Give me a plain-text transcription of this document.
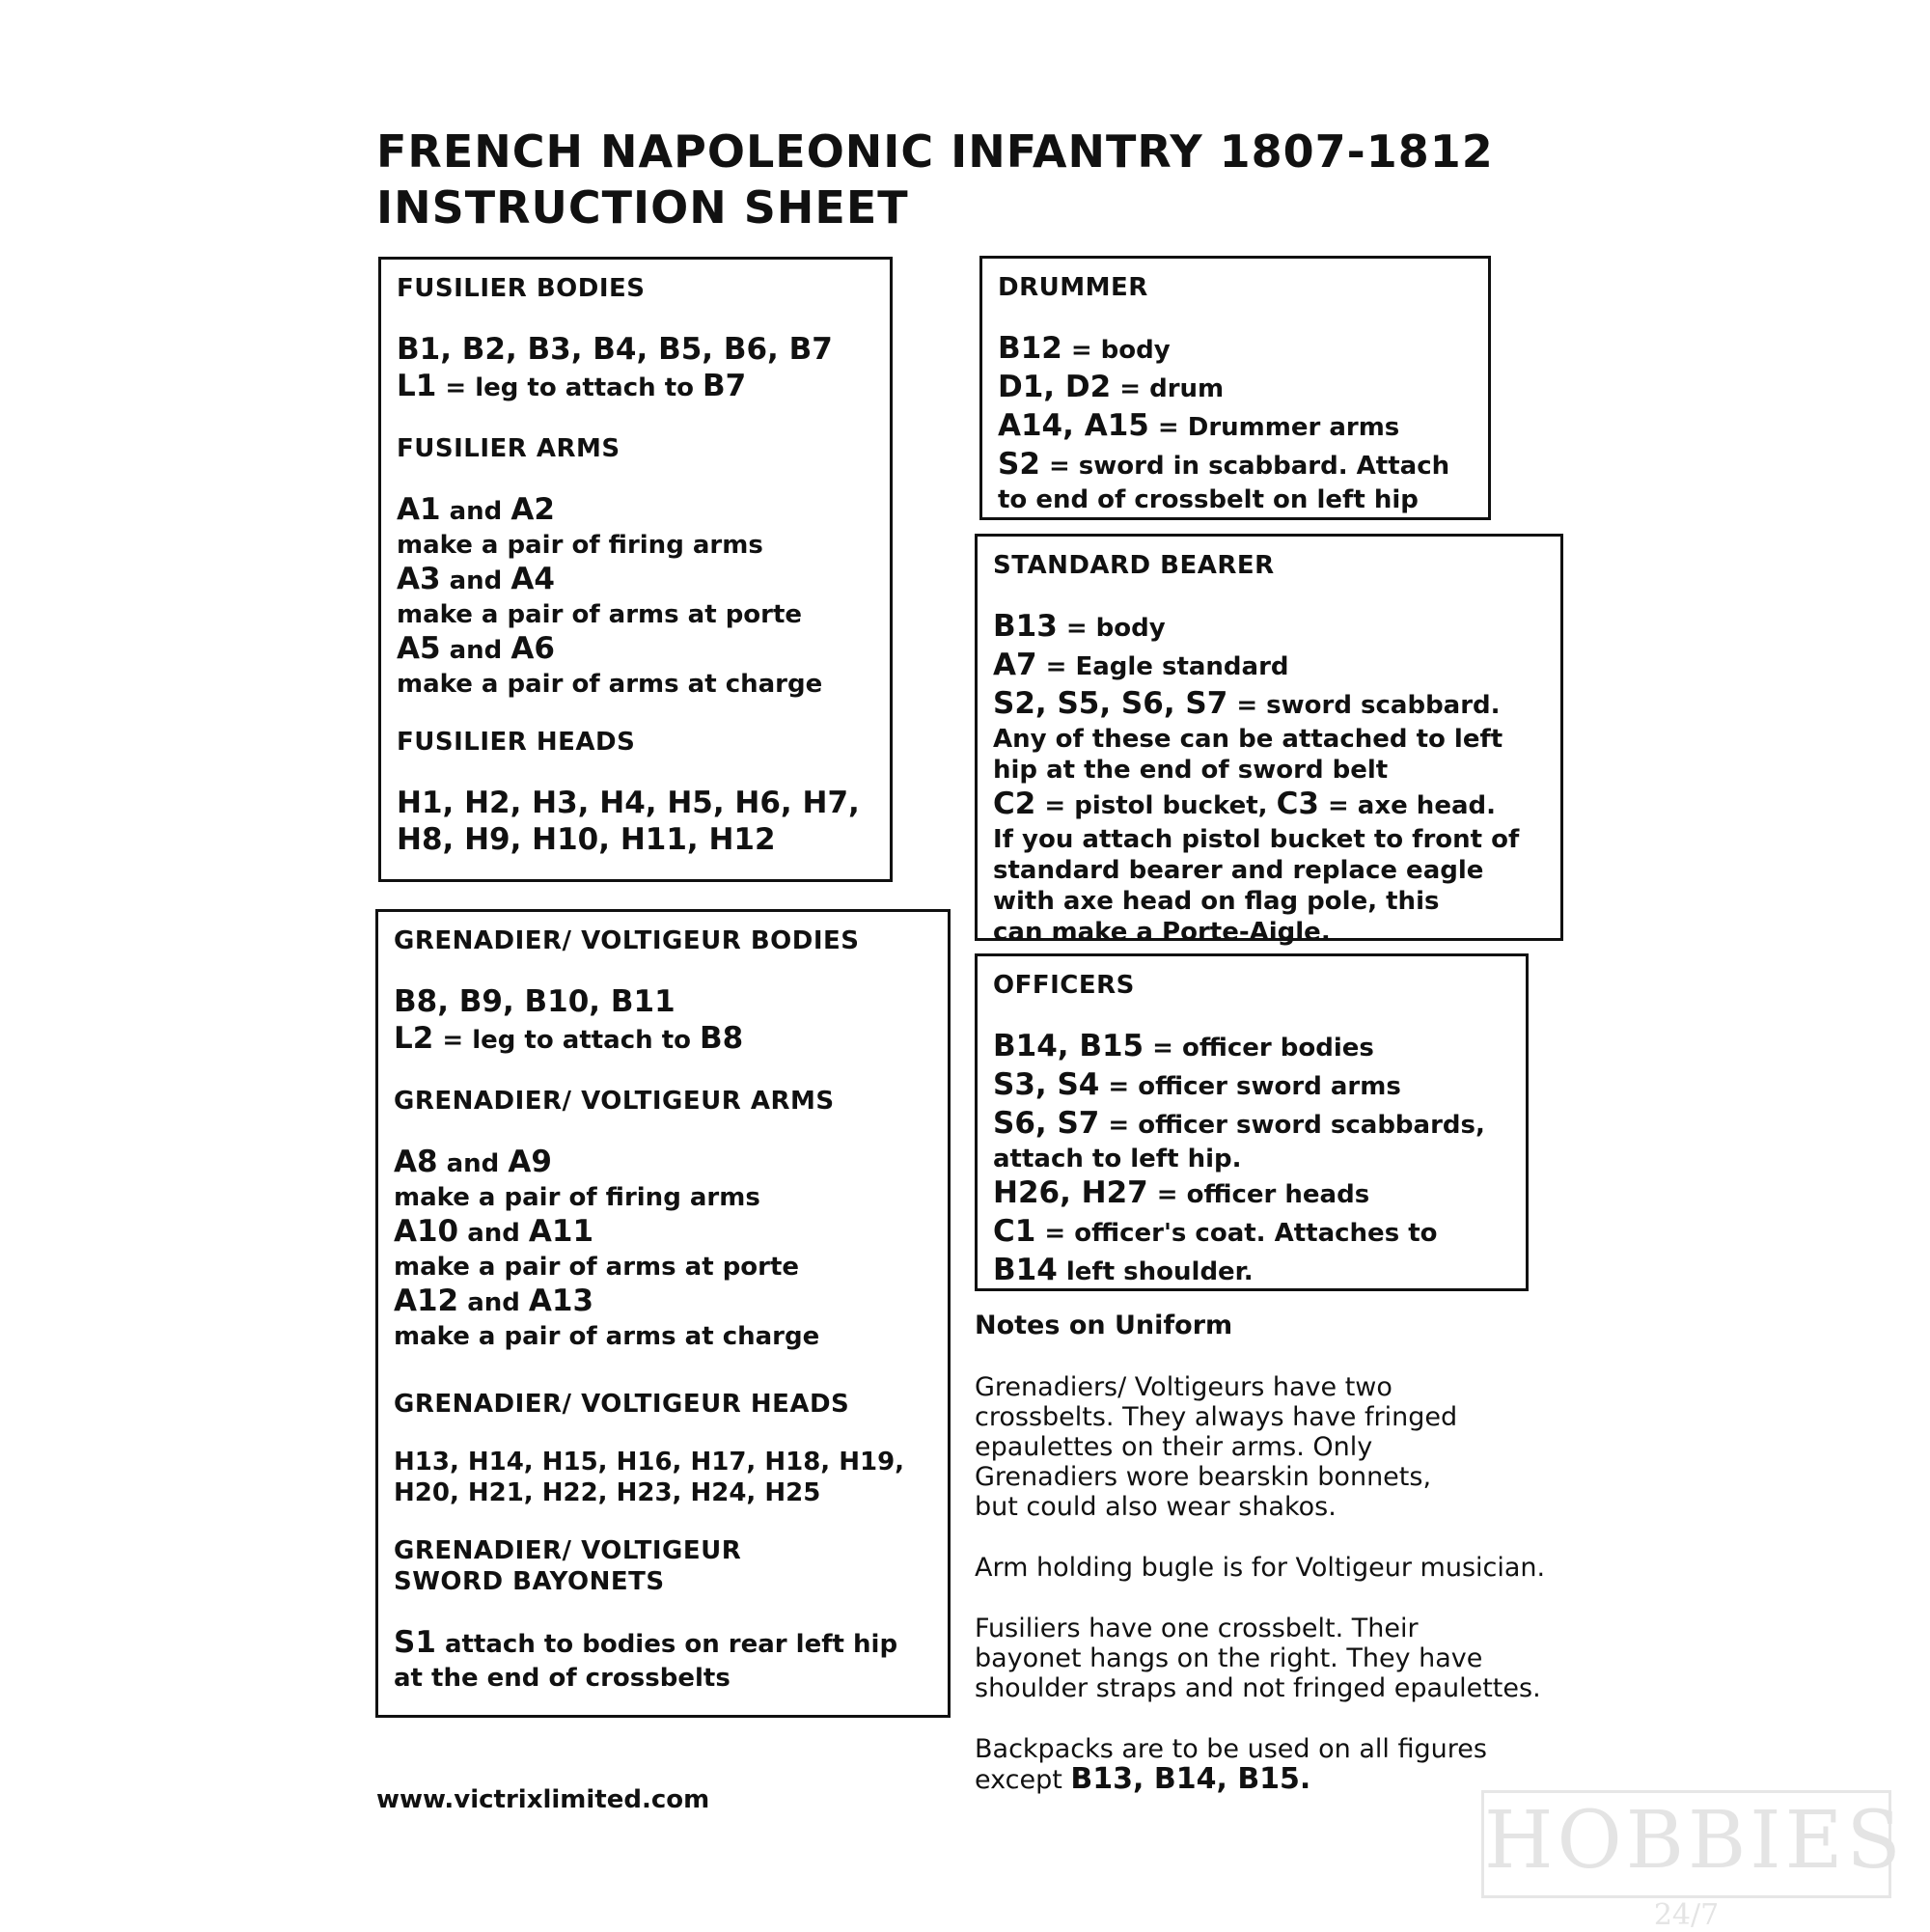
FRENCH NAPOLEONIC INFANTRY 1807-1812
INSTRUCTION SHEET

FUSILIER BODIES

B1, B2, B3, B4, B5, B6, B7

L1 = leg to attach to B7

FUSILIER ARMS

A1 and A2

make a pair of firing arms

A3 and A4

make a pair of arms at porte

A5 and A6

make a pair of arms at charge

FUSILIER HEADS

H1, H2, H3, H4, H5, H6, H7,

H8, H9, H10, H11, H12

GRENADIER/ VOLTIGEUR BODIES

B8, B9, B10, B11

L2 = leg to attach to B8

GRENADIER/ VOLTIGEUR ARMS

A8 and A9

make a pair of firing arms

A10 and A11

make a pair of arms at porte

A12 and A13

make a pair of arms at charge

GRENADIER/ VOLTIGEUR HEADS

H13, H14, H15, H16, H17, H18, H19,

H20, H21, H22, H23, H24, H25

GRENADIER/ VOLTIGEUR

SWORD BAYONETS

S1 attach to bodies on rear left hip

at the end of crossbelts

DRUMMER

B12 = body

D1, D2 = drum

A14, A15 = Drummer arms

S2 = sword in scabbard. Attach

to end of crossbelt on left hip

STANDARD BEARER

B13 = body

A7 = Eagle standard

S2, S5, S6, S7 = sword scabbard.

Any of these can be attached to left

hip at the end of sword belt

C2 = pistol bucket, C3 = axe head.

If you attach pistol bucket to front of

standard bearer and replace eagle

with axe head on flag pole, this

can make a Porte-Aigle.

OFFICERS

B14, B15 = officer bodies

S3, S4 = officer sword arms

S6, S7 = officer sword scabbards,

attach to left hip.

H26, H27 = officer heads

C1 = officer's coat. Attaches to

B14 left shoulder.

Notes on Uniform

Grenadiers/ Voltigeurs have two
crossbelts. They always have fringed
epaulettes on their arms. Only
Grenadiers wore bearskin bonnets,
but could also wear shakos.

Arm holding bugle is for Voltigeur musician.

Fusiliers have one crossbelt. Their
bayonet hangs on the right. They have
shoulder straps and not fringed epaulettes.

Backpacks are to be used on all figures

except B13, B14, B15.

www.victrixlimited.com	HOBBIES
24/7
